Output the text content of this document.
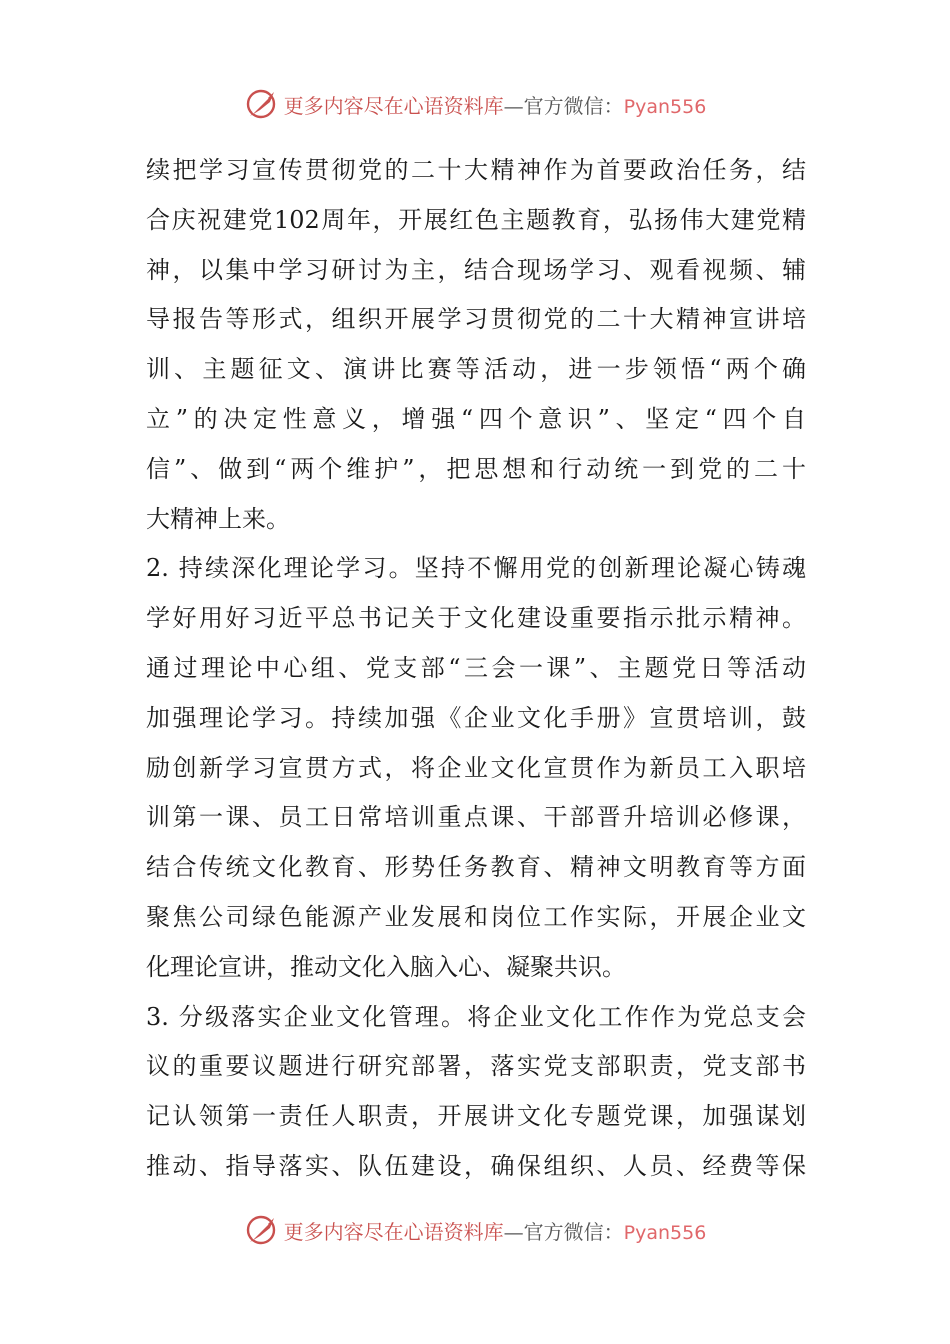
更多内容尽在心语资料库—官方微信：Pyan556
续把学习宣传贯彻党的二十大精神作为首要政治任务，结
合庆祝建党102周年，开展红色主题教育，弘扬伟大建党精
神，以集中学习研讨为主，结合现场学习、观看视频、辅
导报告等形式，组织开展学习贯彻党的二十大精神宣讲培
训、主题征文、演讲比赛等活动，进一步领悟“两个确
立”的决定性意义，增强“四个意识”、坚定“四个自
信”、做到“两个维护”，把思想和行动统一到党的二十
大精神上来。
2. 持续深化理论学习。坚持不懈用党的创新理论凝心铸魂
学好用好习近平总书记关于文化建设重要指示批示精神。
通过理论中心组、党支部“三会一课”、主题党日等活动
加强理论学习。持续加强《企业文化手册》宣贯培训，鼓
励创新学习宣贯方式，将企业文化宣贯作为新员工入职培
训第一课、员工日常培训重点课、干部晋升培训必修课，
结合传统文化教育、形势任务教育、精神文明教育等方面
聚焦公司绿色能源产业发展和岗位工作实际，开展企业文
化理论宣讲，推动文化入脑入心、凝聚共识。
3. 分级落实企业文化管理。将企业文化工作作为党总支会
议的重要议题进行研究部署，落实党支部职责，党支部书
记认领第一责任人职责，开展讲文化专题党课，加强谋划
推动、指导落实、队伍建设，确保组织、人员、经费等保
更多内容尽在心语资料库—官方微信：Pyan556
